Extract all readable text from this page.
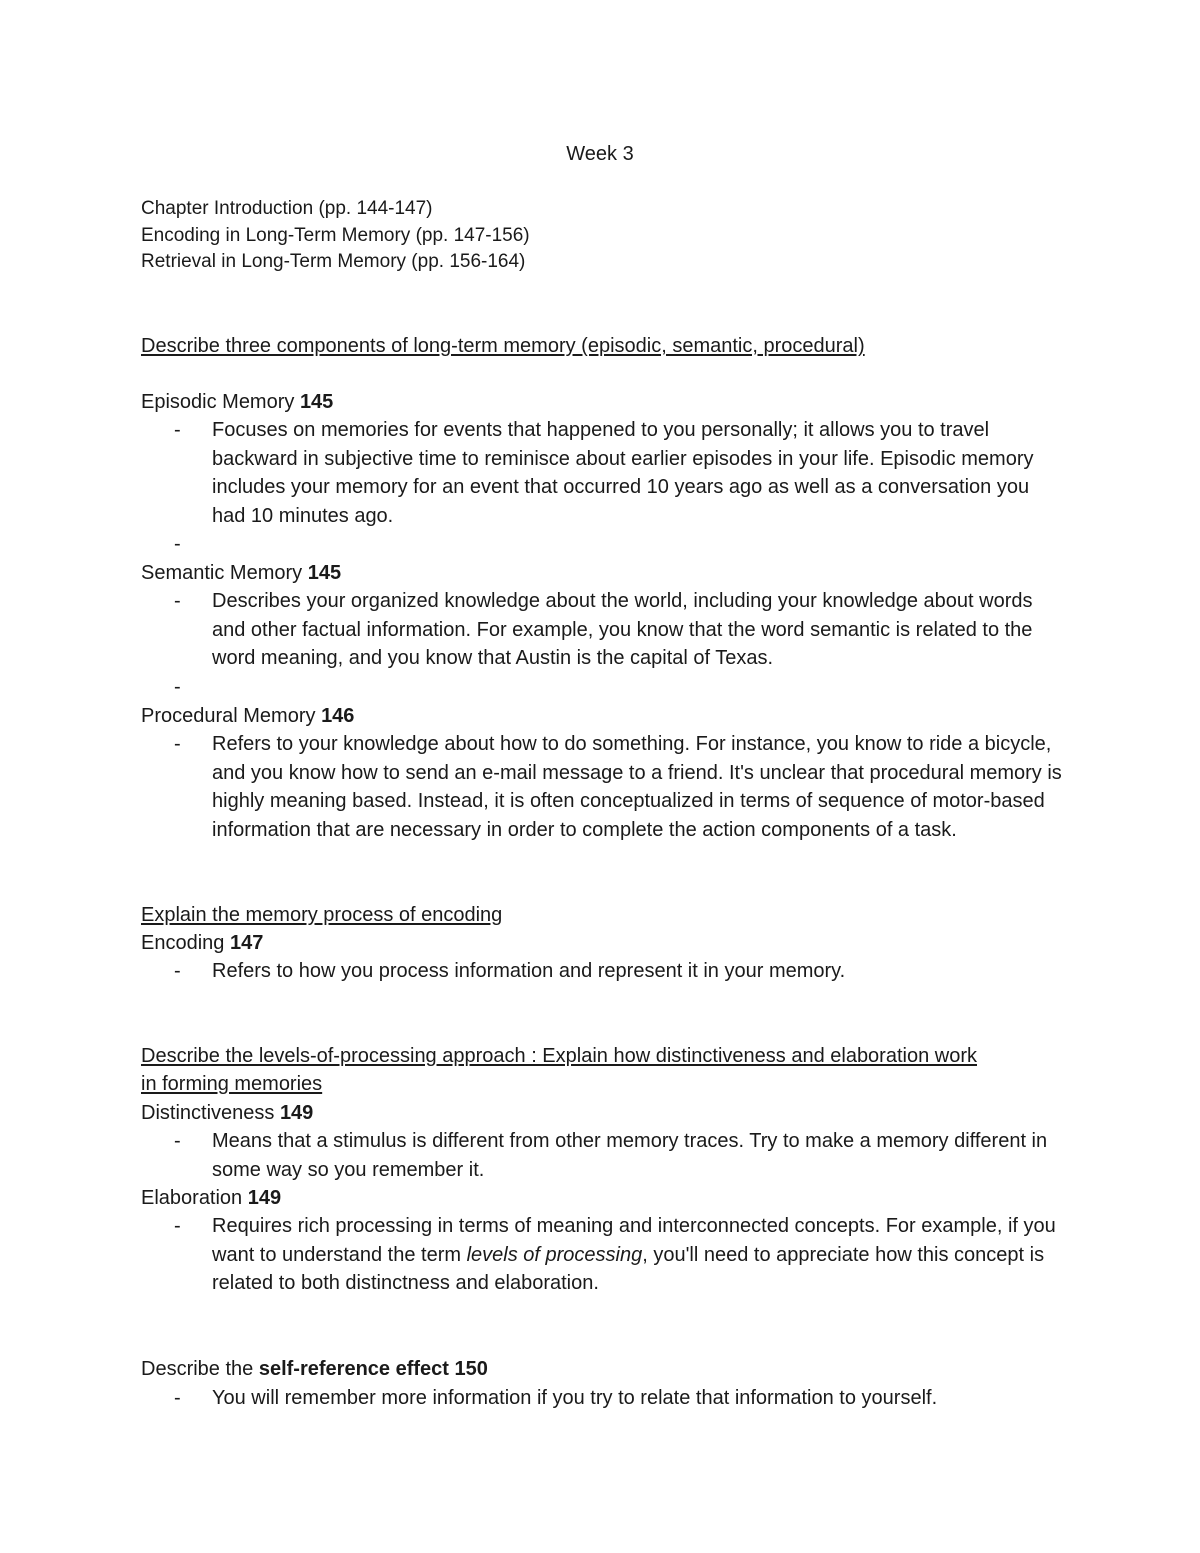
Week 3
Chapter Introduction (pp. 144-147)
Encoding in Long-Term Memory (pp. 147-156)
Retrieval in Long-Term Memory (pp. 156-164)
Describe three components of long-term memory (episodic, semantic, procedural)
Episodic Memory 145
- Focuses on memories for events that happened to you personally; it allows you to travel backward in subjective time to reminisce about earlier episodes in your life. Episodic memory includes your memory for an event that occurred 10 years ago as well as a conversation you had 10 minutes ago.
-
Semantic Memory 145
- Describes your organized knowledge about the world, including your knowledge about words and other factual information. For example, you know that the word semantic is related to the word meaning, and you know that Austin is the capital of Texas.
-
Procedural Memory 146
- Refers to your knowledge about how to do something. For instance, you know to ride a bicycle, and you know how to send an e-mail message to a friend. It's unclear that procedural memory is highly meaning based. Instead, it is often conceptualized in terms of sequence of motor-based information that are necessary in order to complete the action components of a task.
Explain the memory process of encoding
Encoding 147
- Refers to how you process information and represent it in your memory.
Describe the levels-of-processing approach : Explain how distinctiveness and elaboration work
in forming memories
Distinctiveness 149
- Means that a stimulus is different from other memory traces. Try to make a memory different in some way so you remember it.
Elaboration 149
- Requires rich processing in terms of meaning and interconnected concepts. For example, if you want to understand the term levels of processing, you'll need to appreciate how this concept is related to both distinctness and elaboration.
Describe the self-reference effect 150
- You will remember more information if you try to relate that information to yourself.
